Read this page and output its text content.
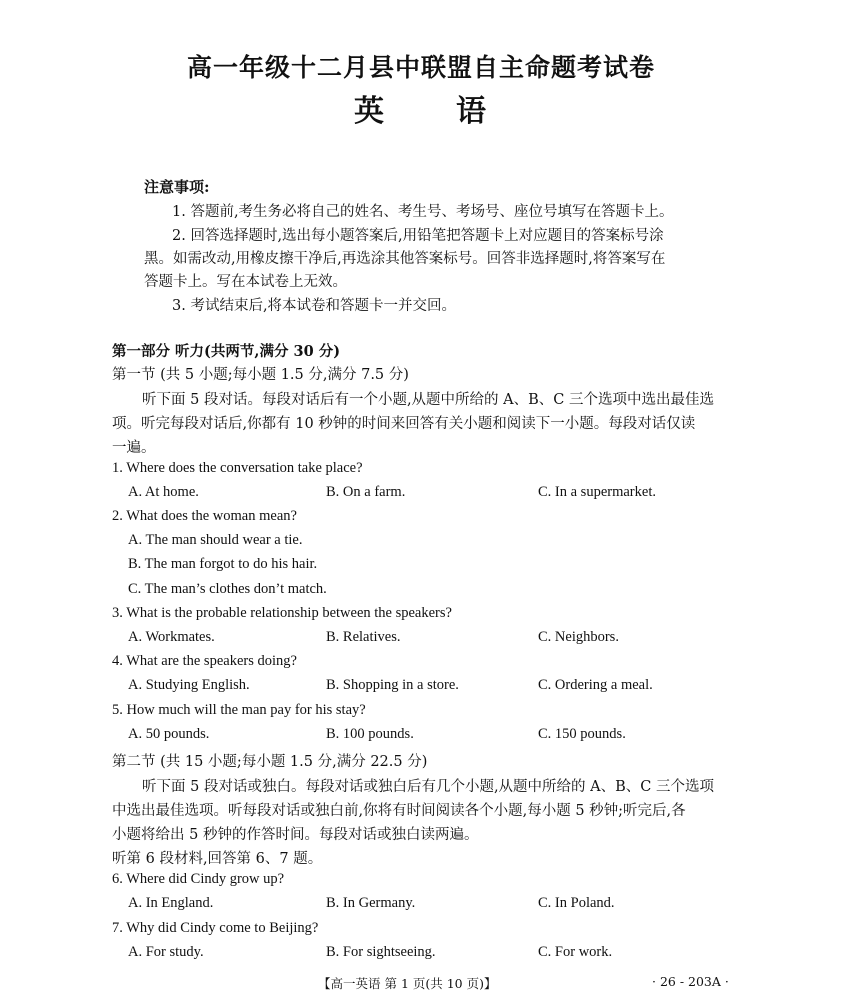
高一年级十二月县中联盟自主命题考试卷
英 语
注意事项:
1. 答题前,考生务必将自己的姓名、考生号、考场号、座位号填写在答题卡上。
2. 回答选择题时,选出每小题答案后,用铅笔把答题卡上对应题目的答案标号涂
黑。如需改动,用橡皮擦干净后,再选涂其他答案标号。回答非选择题时,将答案写在
答题卡上。写在本试卷上无效。
3. 考试结束后,将本试卷和答题卡一并交回。
第一部分 听力(共两节,满分 30 分)
第一节 (共 5 小题;每小题 1.5 分,满分 7.5 分)
听下面 5 段对话。每段对话后有一个小题,从题中所给的 A、B、C 三个选项中选出最佳选
项。听完每段对话后,你都有 10 秒钟的时间来回答有关小题和阅读下一小题。每段对话仅读
一遍。
1. Where does the conversation take place?
A. At home.	B. On a farm.	C. In a supermarket.
2. What does the woman mean?
A. The man should wear a tie.
B. The man forgot to do his hair.
C. The man’s clothes don’t match.
3. What is the probable relationship between the speakers?
A. Workmates.	B. Relatives.	C. Neighbors.
4. What are the speakers doing?
A. Studying English.	B. Shopping in a store.	C. Ordering a meal.
5. How much will the man pay for his stay?
A. 50 pounds.	B. 100 pounds.	C. 150 pounds.
第二节 (共 15 小题;每小题 1.5 分,满分 22.5 分)
听下面 5 段对话或独白。每段对话或独白后有几个小题,从题中所给的 A、B、C 三个选项
中选出最佳选项。听每段对话或独白前,你将有时间阅读各个小题,每小题 5 秒钟;听完后,各
小题将给出 5 秒钟的作答时间。每段对话或独白读两遍。
听第 6 段材料,回答第 6、7 题。
6. Where did Cindy grow up?
A. In England.	B. In Germany.	C. In Poland.
7. Why did Cindy come to Beijing?
A. For study.	B. For sightseeing.	C. For work.
【高一英语 第 1 页(共 10 页)】	· 26 - 203A ·
